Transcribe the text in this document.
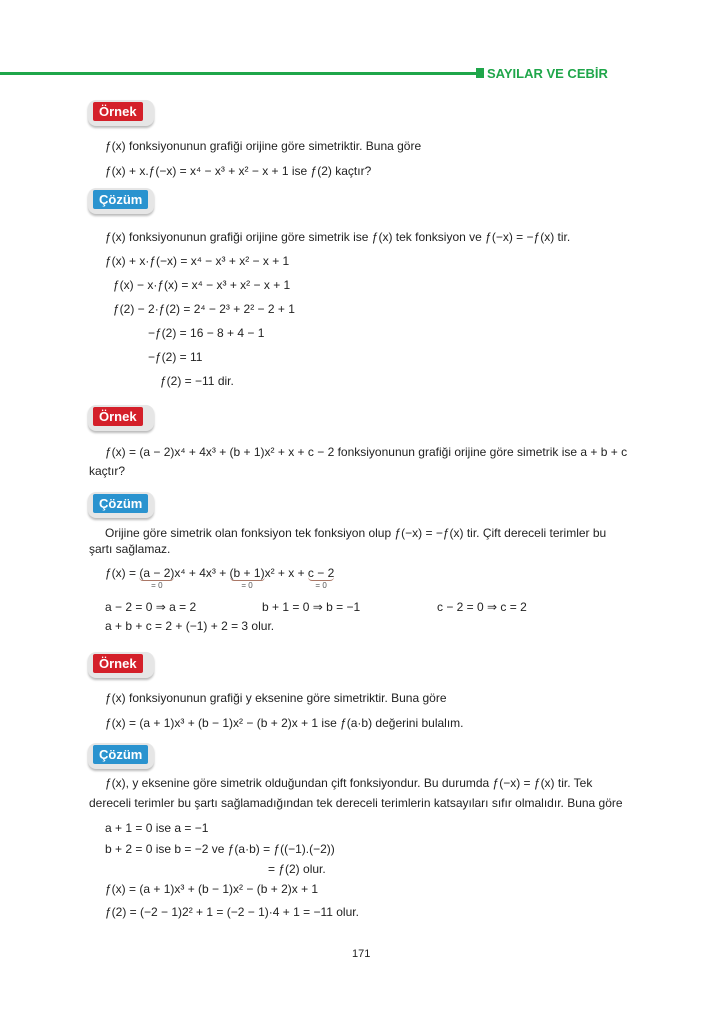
SAYILAR VE CEBİR
Örnek
ƒ(x) fonksiyonunun grafiği orijine göre simetriktir. Buna göre
ƒ(x) + x.ƒ(−x) = x⁴ − x³ + x² − x + 1 ise ƒ(2) kaçtır?
Çözüm
ƒ(x) fonksiyonunun grafiği orijine göre simetrik ise ƒ(x) tek fonksiyon ve ƒ(−x) = −ƒ(x) tir.
ƒ(x) + x·ƒ(−x) = x⁴ − x³ + x² − x + 1
ƒ(x) − x·ƒ(x) = x⁴ − x³ + x² − x + 1
ƒ(2) − 2·ƒ(2) = 2⁴ − 2³ + 2² − 2 + 1
−ƒ(2) = 16 − 8 + 4 − 1
−ƒ(2) = 11
ƒ(2) = −11 dir.
Örnek
ƒ(x) = (a − 2)x⁴ + 4x³ + (b + 1)x² + x + c − 2 fonksiyonunun grafiği orijine göre simetrik ise a + b + c
kaçtır?
Çözüm
Orijine göre simetrik olan fonksiyon tek fonksiyon olup ƒ(−x) = −ƒ(x) tir. Çift dereceli terimler bu
şartı sağlamaz.
ƒ(x) = (a − 2)
= 0
x⁴ + 4x³ + (b + 1)
= 0
x² + x + c − 2
= 0
a − 2 = 0 ⇒ a = 2	b + 1 = 0 ⇒ b = −1	c − 2 = 0 ⇒ c = 2
a + b + c = 2 + (−1) + 2 = 3 olur.
Örnek
ƒ(x) fonksiyonunun grafiği y eksenine göre simetriktir. Buna göre
ƒ(x) = (a + 1)x³ + (b − 1)x² − (b + 2)x + 1 ise ƒ(a·b) değerini bulalım.
Çözüm
ƒ(x), y eksenine göre simetrik olduğundan çift fonksiyondur. Bu durumda ƒ(−x) = ƒ(x) tir. Tek
dereceli terimler bu şartı sağlamadığından tek dereceli terimlerin katsayıları sıfır olmalıdır. Buna göre
a + 1 = 0 ise a = −1
b + 2 = 0 ise b = −2 ve ƒ(a·b) = ƒ((−1).(−2))
= ƒ(2) olur.
ƒ(x) = (a + 1)x³ + (b − 1)x² − (b + 2)x + 1
ƒ(2) = (−2 − 1)2² + 1 = (−2 − 1)·4 + 1 = −11 olur.
171
